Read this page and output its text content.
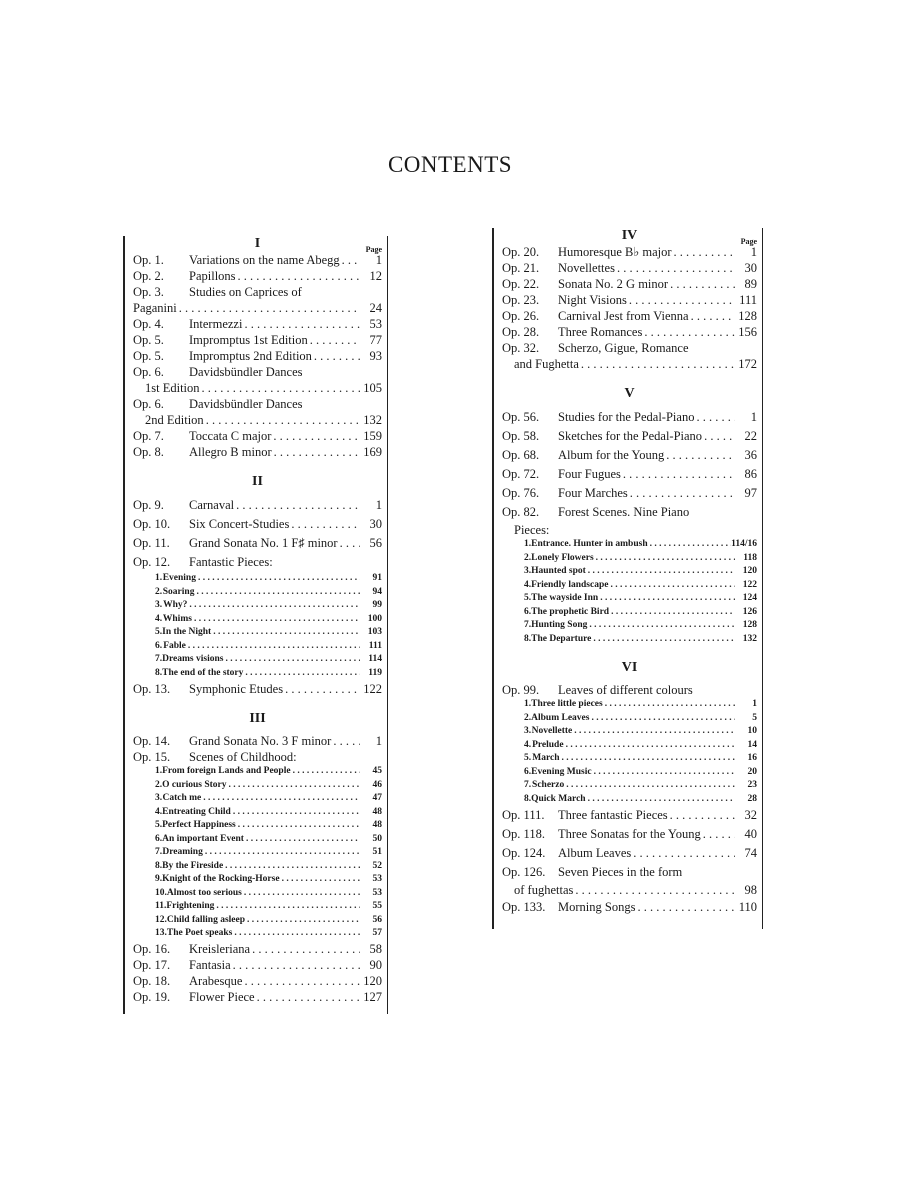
CONTENTS
I	Page
Op. 1.	Variations on the name Abegg . . .	1
Op. 2.	Papillons . . .	12
Op. 3.	Studies on Caprices of
Paganini . . .	24
Op. 4.	Intermezzi . . .	53
Op. 5.	Impromptus 1st Edition . . .	77
Op. 5.	Impromptus 2nd Edition . . .	93
Op. 6.	Davidsbündler Dances
1st Edition . . .	105
Op. 6.	Davidsbündler Dances
2nd Edition . . .	132
Op. 7.	Toccata C major . . .	159
Op. 8.	Allegro B minor . . .	169
II
Op. 9.	Carnaval . . .	1
Op. 10.	Six Concert-Studies . . .	30
Op. 11.	Grand Sonata No. 1 F♯ minor . . .	56
Op. 12.	Fantastic Pieces:
1. Evening . . .	91
2. Soaring . . .	94
3. Why? . . .	99
4. Whims . . .	100
5. In the Night . . .	103
6. Fable . . .	111
7. Dreams visions . . .	114
8. The end of the story . . .	119
Op. 13.	Symphonic Etudes . . .	122
III
Op. 14.	Grand Sonata No. 3 F minor . . .	1
Op. 15.	Scenes of Childhood:
1. From foreign Lands and People . . .	45
2. O curious Story . . .	46
3. Catch me . . .	47
4. Entreating Child . . .	48
5. Perfect Happiness . . .	48
6. An important Event . . .	50
7. Dreaming . . .	51
8. By the Fireside . . .	52
9. Knight of the Rocking-Horse . . .	53
10. Almost too serious . . .	53
11. Frightening . . .	55
12. Child falling asleep . . .	56
13. The Poet speaks . . .	57
Op. 16.	Kreisleriana . . .	58
Op. 17.	Fantasia . . .	90
Op. 18.	Arabesque . . .	120
Op. 19.	Flower Piece . . .	127
IV	Page
Op. 20.	Humoresque B♭ major . . .	1
Op. 21.	Novellettes . . .	30
Op. 22.	Sonata No. 2 G minor . . .	89
Op. 23.	Night Visions . . .	111
Op. 26.	Carnival Jest from Vienna . . .	128
Op. 28.	Three Romances . . .	156
Op. 32.	Scherzo, Gigue, Romance
and Fughetta . . .	172
V
Op. 56.	Studies for the Pedal-Piano . . .	1
Op. 58.	Sketches for the Pedal-Piano . . .	22
Op. 68.	Album for the Young . . .	36
Op. 72.	Four Fugues . . .	86
Op. 76.	Four Marches . . .	97
Op. 82.	Forest Scenes. Nine Piano
Pieces:
1. Entrance. Hunter in ambush . . .	114/16
2. Lonely Flowers . . .	118
3. Haunted spot . . .	120
4. Friendly landscape . . .	122
5. The wayside Inn . . .	124
6. The prophetic Bird . . .	126
7. Hunting Song . . .	128
8. The Departure . . .	132
VI
Op. 99.	Leaves of different colours
1. Three little pieces . . .	1
2. Album Leaves . . .	5
3. Novellette . . .	10
4. Prelude . . .	14
5. March . . .	16
6. Evening Music . . .	20
7. Scherzo . . .	23
8. Quick March . . .	28
Op. 111.	Three fantastic Pieces . . .	32
Op. 118.	Three Sonatas for the Young . . .	40
Op. 124.	Album Leaves . . .	74
Op. 126.	Seven Pieces in the form
of fughettas . . .	98
Op. 133.	Morning Songs . . .	110
